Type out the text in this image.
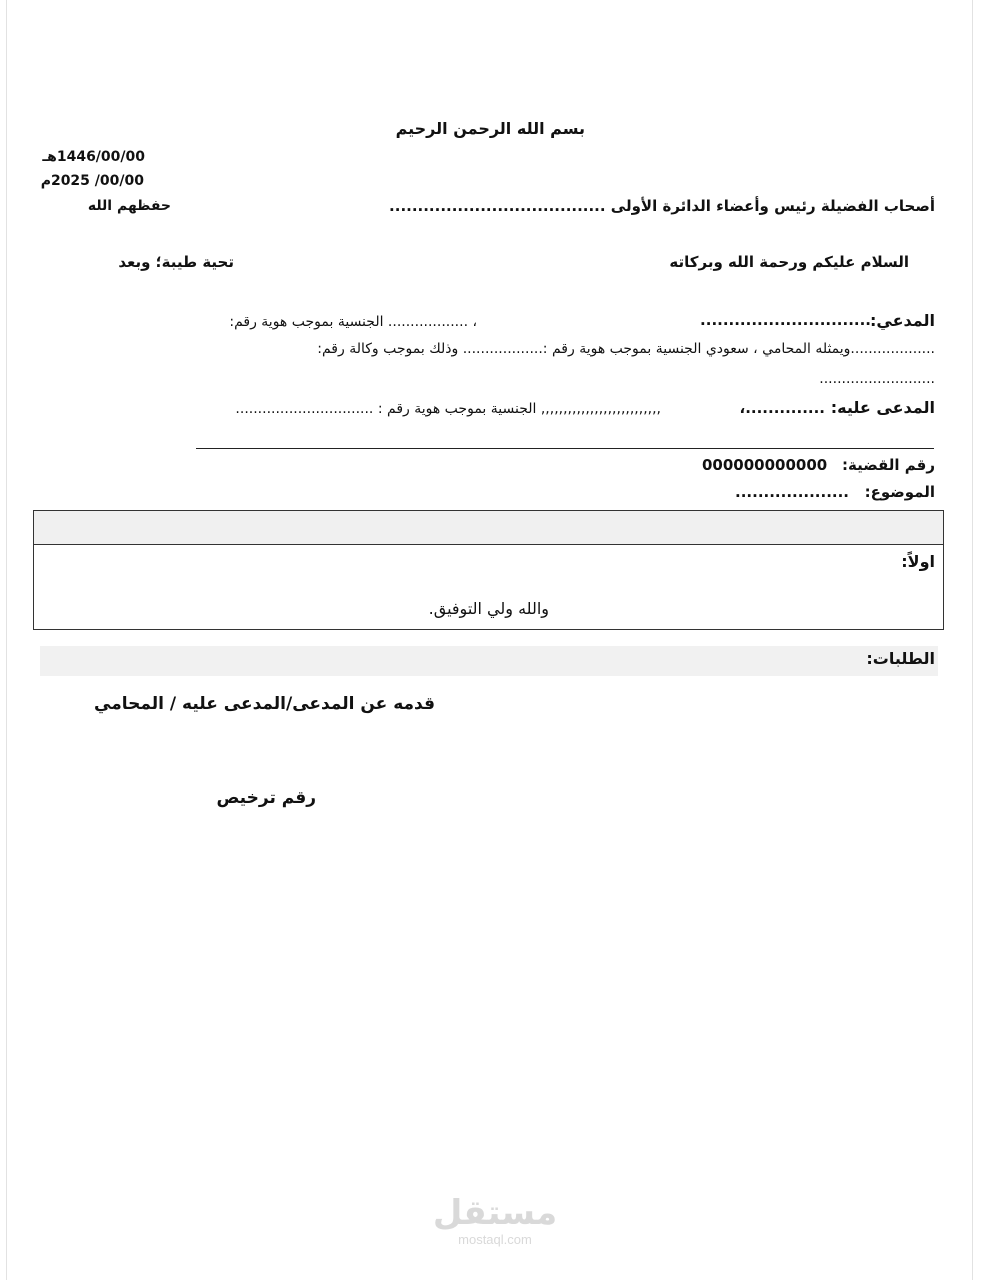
بسم الله الرحمن الرحيم
1446/00/00هـ
00/00/ 2025م
أصحاب الفضيلة رئيس وأعضاء الدائرة الأولى ......................................
حفظهم الله
السلام عليكم ورحمة الله وبركاته
تحية طيبة؛ وبعد
المدعي:
..............................
، .................. الجنسية بموجب هوية رقم:
...................ويمثله المحامي ، سعودي الجنسية بموجب هوية رقم :.................. وذلك بموجب وكالة رقم:
..........................
المدعى عليه:
..............،
,,,,,,,,,,,,,,,,,,,,,,,,,,, الجنسية بموجب هوية رقم : ...............................
رقم القضية:
000000000000
الموضوع:
....................
اولاً:
والله ولي التوفيق.
الطلبات:
قدمه عن المدعى/المدعى عليه / المحامي
رقم ترخيص
مستقل
mostaql.com
